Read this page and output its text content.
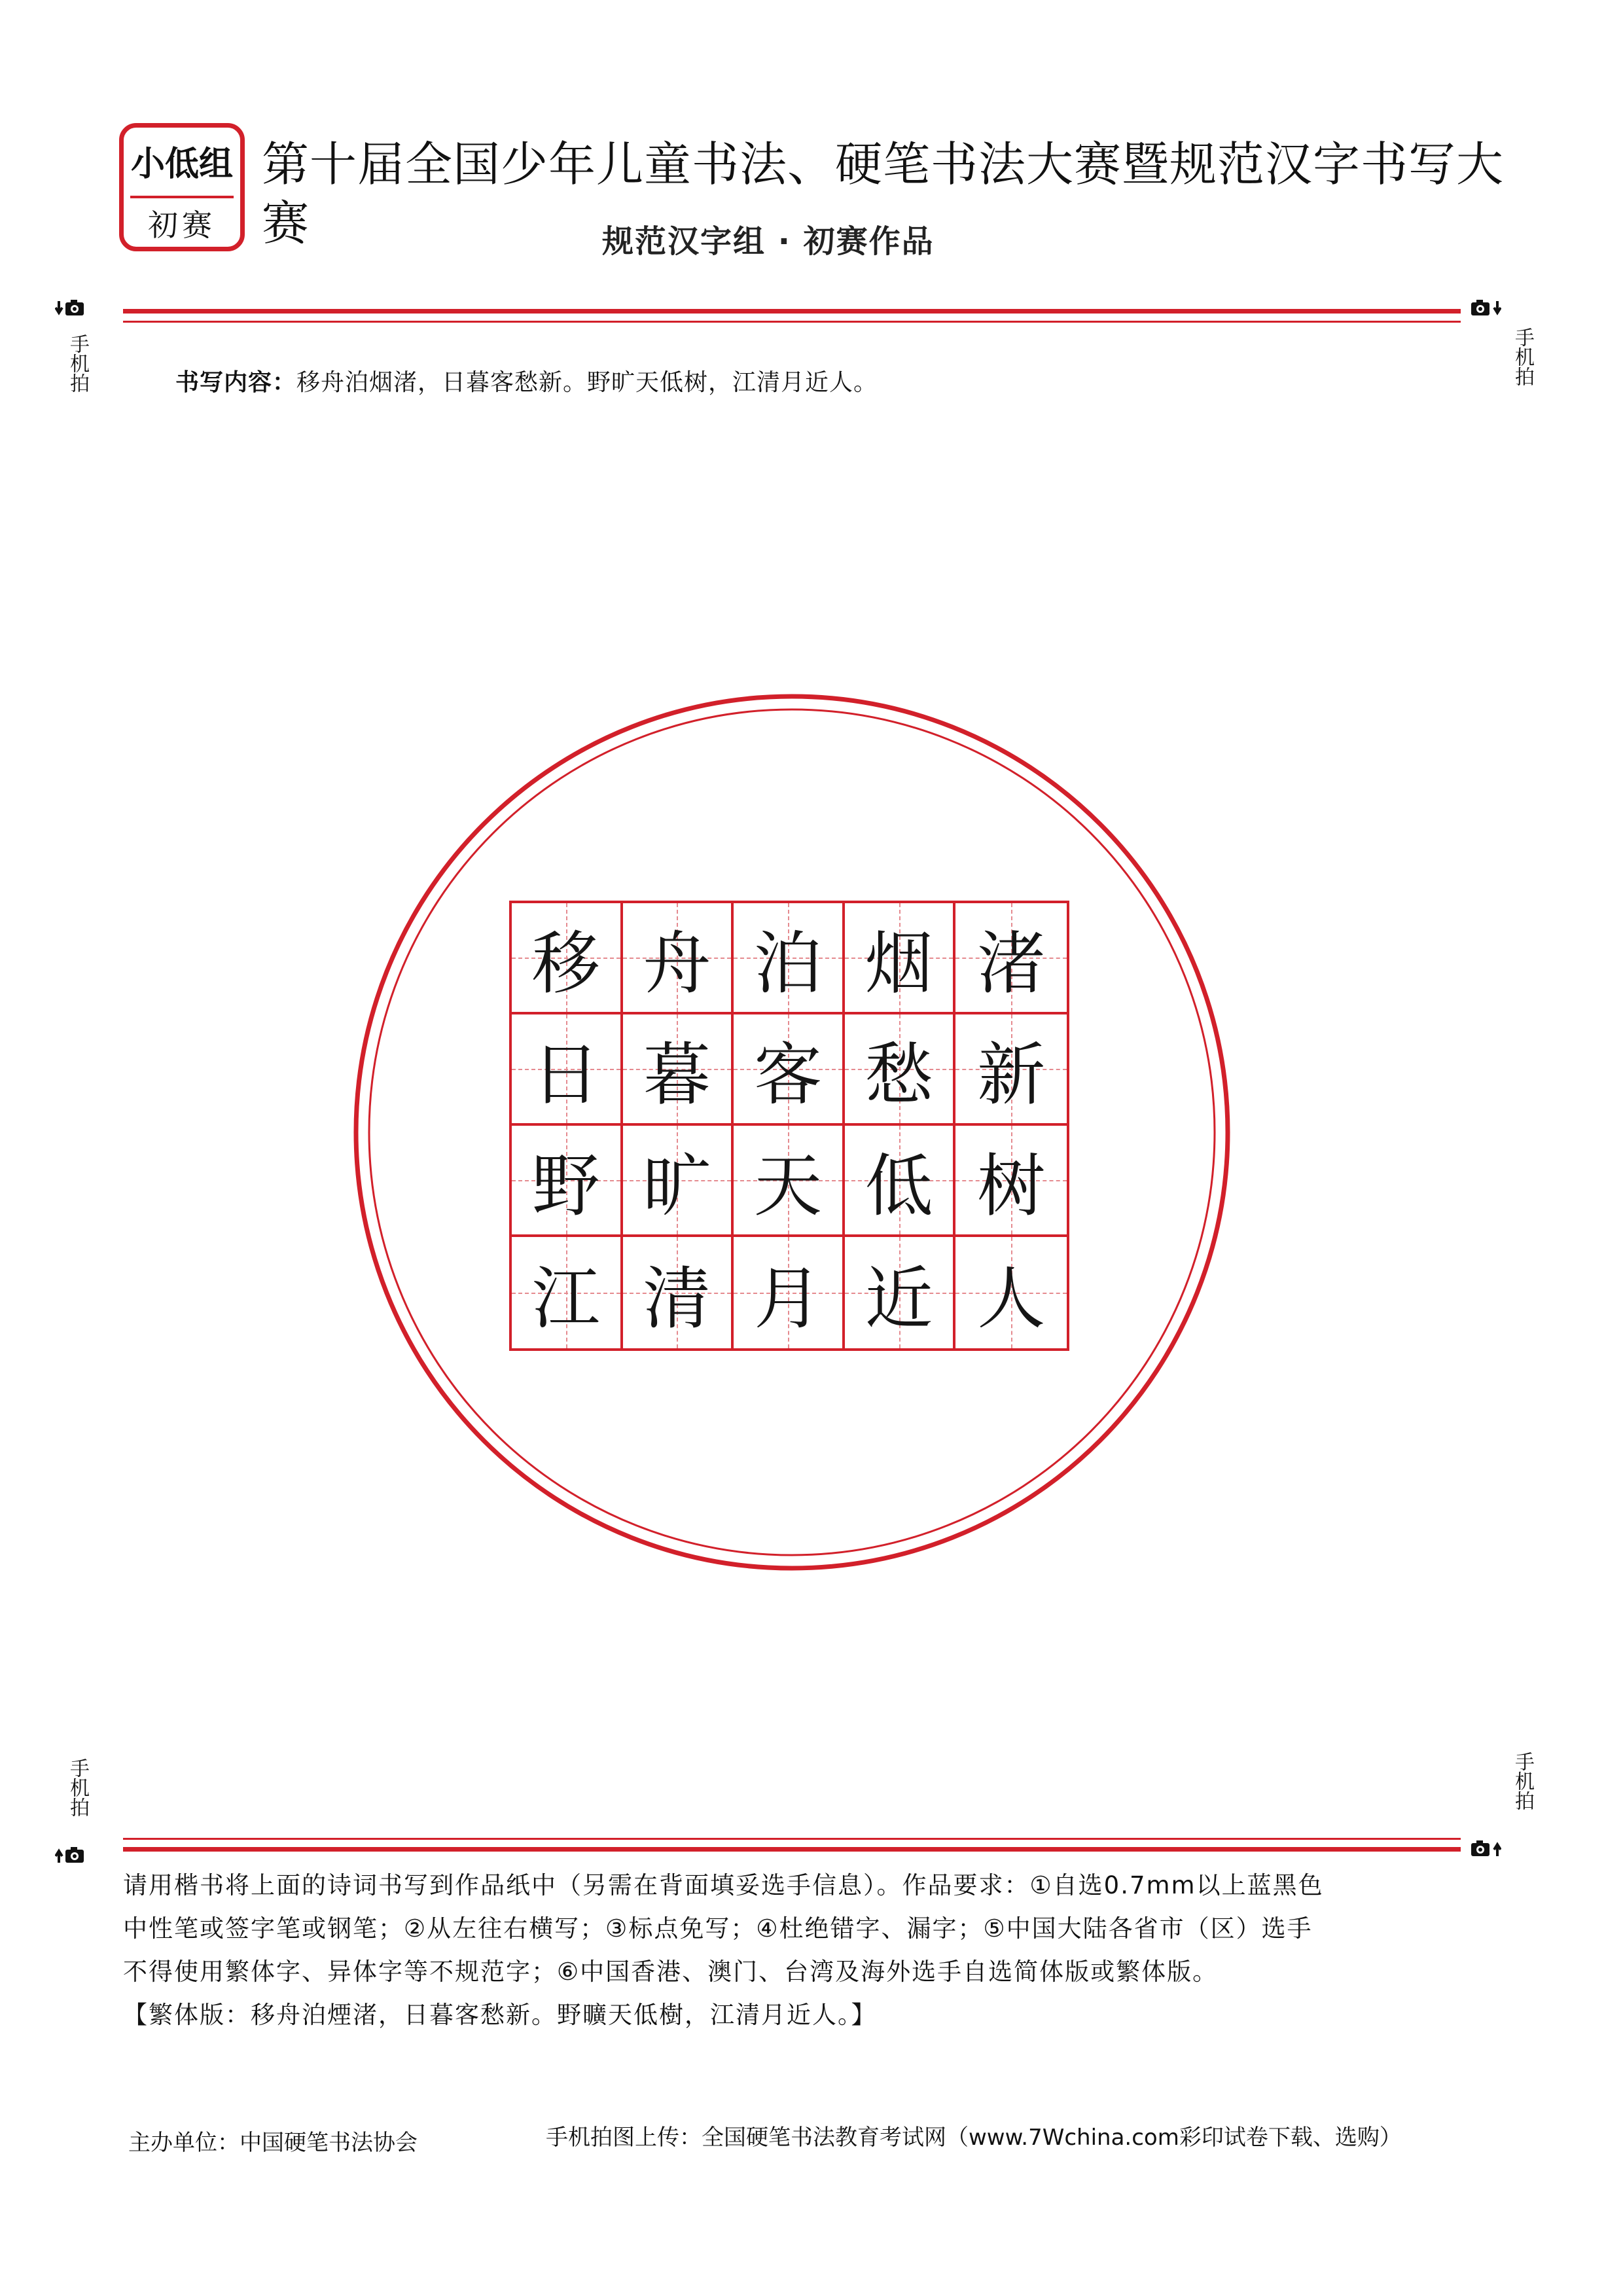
小低组
初赛
第十届全国少年儿童书法、硬笔书法大赛暨规范汉字书写大赛	规范汉字组 · 初赛作品
手机拍	手机拍
书写内容：移舟泊烟渚，日暮客愁新。野旷天低树，江清月近人。
移 舟 泊 烟 渚
日 暮 客 愁 新
野 旷 天 低 树
江 清 月 近 人
手机拍	手机拍

请用楷书将上面的诗词书写到作品纸中（另需在背面填妥选手信息）。作品要求：①自选0.7mm以上蓝黑色

中性笔或签字笔或钢笔；②从左往右横写；③标点免写；④杜绝错字、漏字；⑤中国大陆各省市（区）选手

不得使用繁体字、异体字等不规范字；⑥中国香港、澳门、台湾及海外选手自选简体版或繁体版。

【繁体版：移舟泊煙渚，日暮客愁新。野曠天低樹，江清月近人。】

主办单位：中国硬笔书法协会	手机拍图上传：全国硬笔书法教育考试网（www.7Wchina.com彩印试卷下载、选购）
